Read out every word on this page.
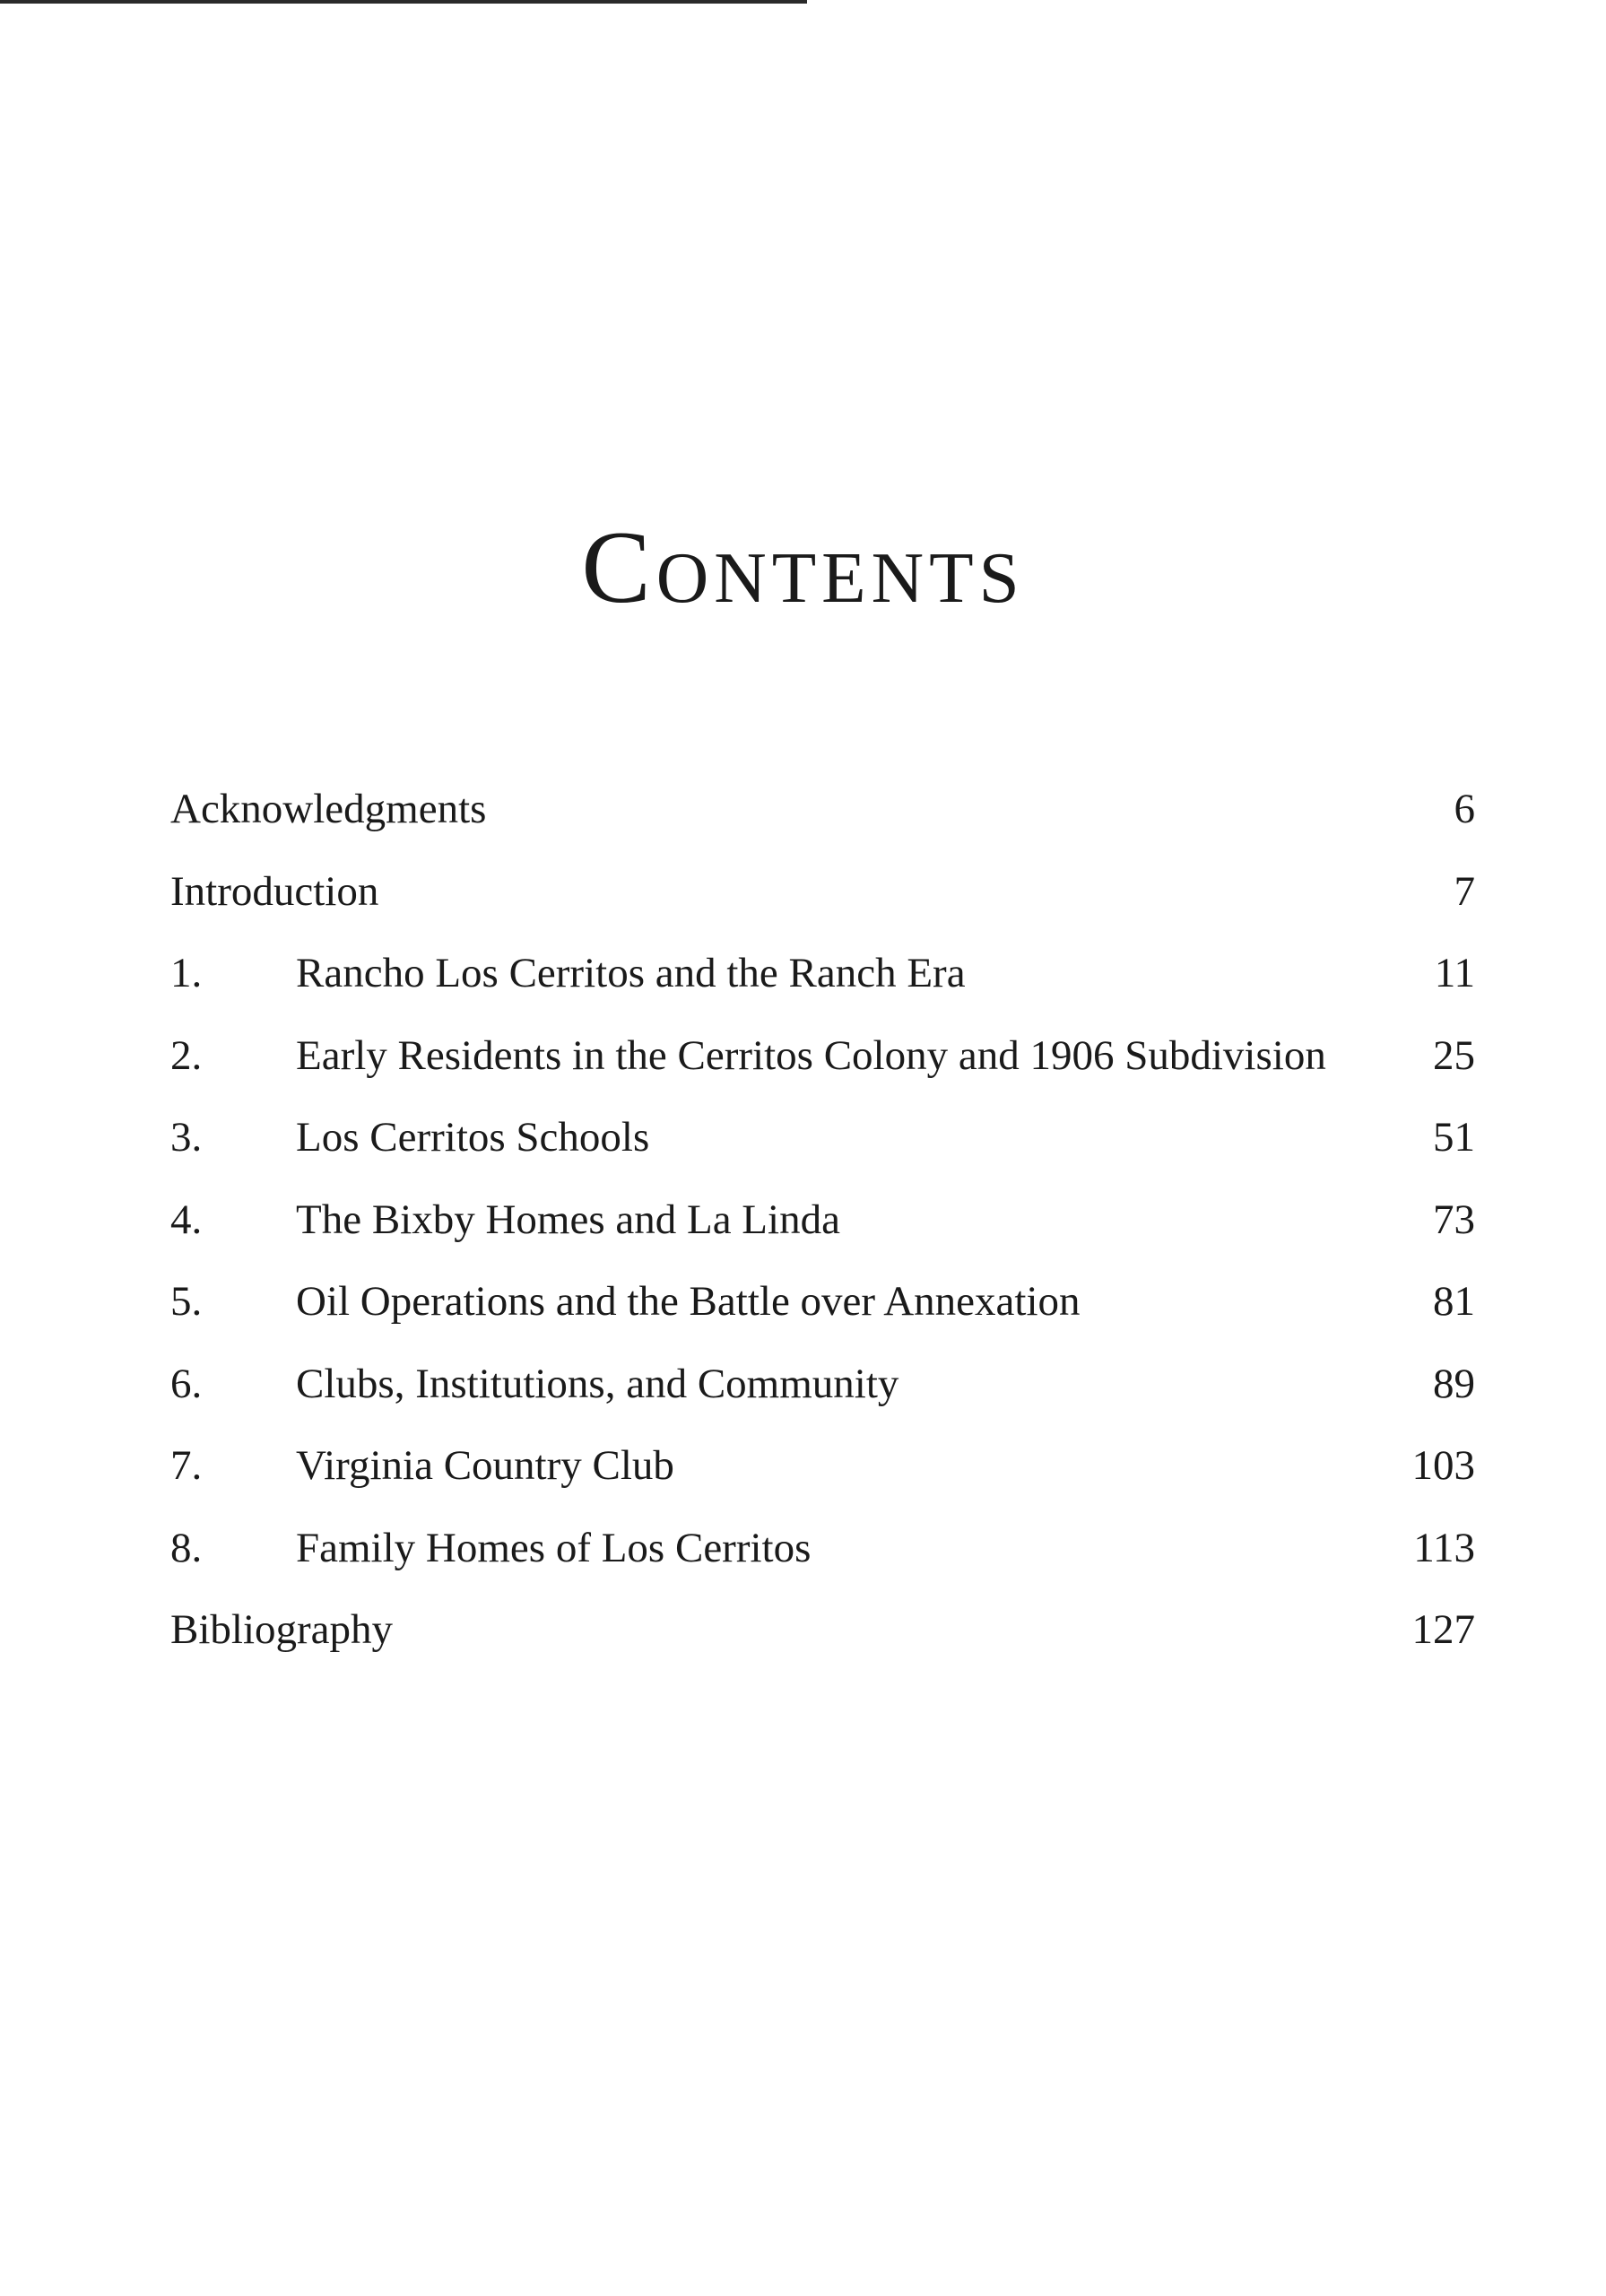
Contents
Acknowledgments	6
Introduction	7
1. Rancho Los Cerritos and the Ranch Era	11
2. Early Residents in the Cerritos Colony and 1906 Subdivision	25
3. Los Cerritos Schools	51
4. The Bixby Homes and La Linda	73
5. Oil Operations and the Battle over Annexation	81
6. Clubs, Institutions, and Community	89
7. Virginia Country Club	103
8. Family Homes of Los Cerritos	113
Bibliography	127
